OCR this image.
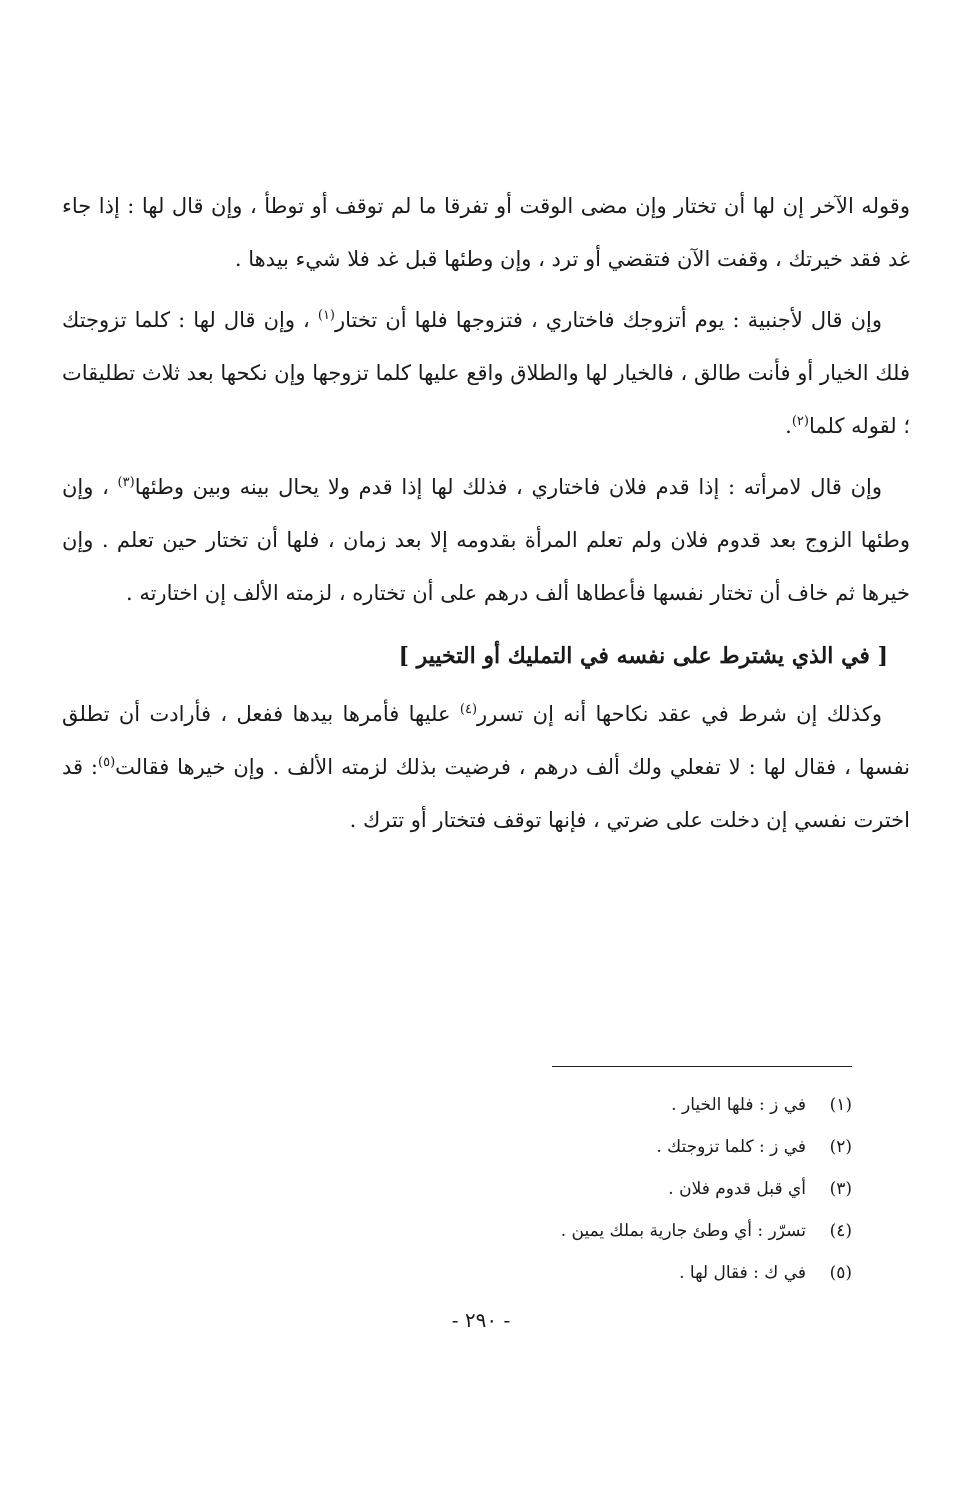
وقوله الآخر إن لها أن تختار وإن مضى الوقت أو تفرقا ما لم توقف أو توطأ ، وإن قال لها : إذا جاء غد فقد خيرتك ، وقفت الآن فتقضي أو ترد ، وإن وطئها قبل غد فلا شيء بيدها .

وإن قال لأجنبية : يوم أتزوجك فاختاري ، فتزوجها فلها أن تختار$^{(١)}$ ، وإن قال لها : كلما تزوجتك فلك الخيار أو فأنت طالق ، فالخيار لها والطلاق واقع عليها كلما تزوجها وإن نكحها بعد ثلاث تطليقات ؛ لقوله كلما$^{(٢)}$.

وإن قال لامرأته : إذا قدم فلان فاختاري ، فذلك لها إذا قدم ولا يحال بينه وبين وطئها$^{(٣)}$ ، وإن وطئها الزوج بعد قدوم فلان ولم تعلم المرأة بقدومه إلا بعد زمان ، فلها أن تختار حين تعلم . وإن خيرها ثم خاف أن تختار نفسها فأعطاها ألف درهم على أن تختاره ، لزمته الألف إن اختارته .

[ في الذي يشترط على نفسه في التمليك أو التخيير ]

وكذلك إن شرط في عقد نكاحها أنه إن تسرر$^{(٤)}$ عليها فأمرها بيدها ففعل ، فأرادت أن تطلق نفسها ، فقال لها : لا تفعلي ولك ألف درهم ، فرضيت بذلك لزمته الألف . وإن خيرها فقالت$^{(٥)}$: قد اخترت نفسي إن دخلت على ضرتي ، فإنها توقف فتختار أو تترك .

(١)في ز : فلها الخيار .
(٢)في ز : كلما تزوجتك .
(٣)أي قبل قدوم فلان .
(٤)تسرّر : أي وطئ جارية بملك يمين .
(٥)في ك : فقال لها .
- ٢٩٠ -
